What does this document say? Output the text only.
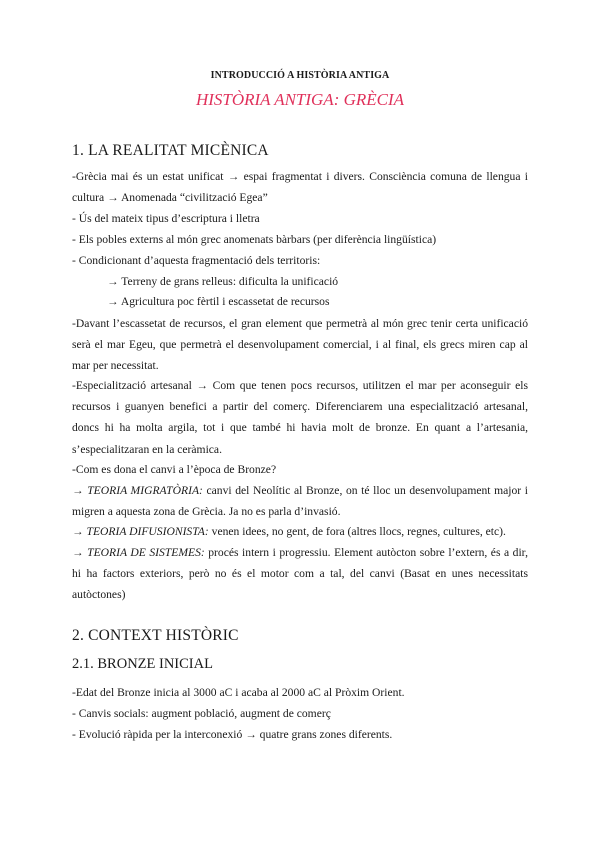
INTRODUCCIÓ A HISTÒRIA ANTIGA
HISTÒRIA ANTIGA: GRÈCIA
1. LA REALITAT MICÈNICA
-Grècia mai és un estat unificat → espai fragmentat i divers. Consciència comuna de llengua i cultura → Anomenada “civilització Egea”
- Ús del mateix tipus d’escriptura i lletra
- Els pobles externs al món grec anomenats bàrbars (per diferència lingüística)
- Condicionant d’aquesta fragmentació dels territoris:
→ Terreny de grans relleus: dificulta la unificació
→ Agricultura poc fèrtil i escassetat de recursos
-Davant l’escassetat de recursos, el gran element que permetrà al món grec tenir certa unificació serà el mar Egeu, que permetrà el desenvolupament comercial, i al final, els grecs miren cap al mar per necessitat.
-Especialització artesanal → Com que tenen pocs recursos, utilitzen el mar per aconseguir els recursos i guanyen benefici a partir del comerç. Diferenciarem una especialització artesanal, doncs hi ha molta argila, tot i que també hi havia molt de bronze. En quant a l’artesania, s’especialitzaran en la ceràmica.
-Com es dona el canvi a l’època de Bronze?
→ TEORIA MIGRATÒRIA: canvi del Neolític al Bronze, on té lloc un desenvolupament major i migren a aquesta zona de Grècia. Ja no es parla d’invasió.
→ TEORIA DIFUSIONISTA: venen idees, no gent, de fora (altres llocs, regnes, cultures, etc).
→ TEORIA DE SISTEMES: procés intern i progressiu. Element autòcton sobre l’extern, és a dir, hi ha factors exteriors, però no és el motor com a tal, del canvi (Basat en unes necessitats autòctones)
2. CONTEXT HISTÒRIC
2.1. BRONZE INICIAL
-Edat del Bronze inicia al 3000 aC i acaba al 2000 aC al Pròxim Orient.
- Canvis socials: augment població, augment de comerç
- Evolució ràpida per la interconexió → quatre grans zones diferents.
